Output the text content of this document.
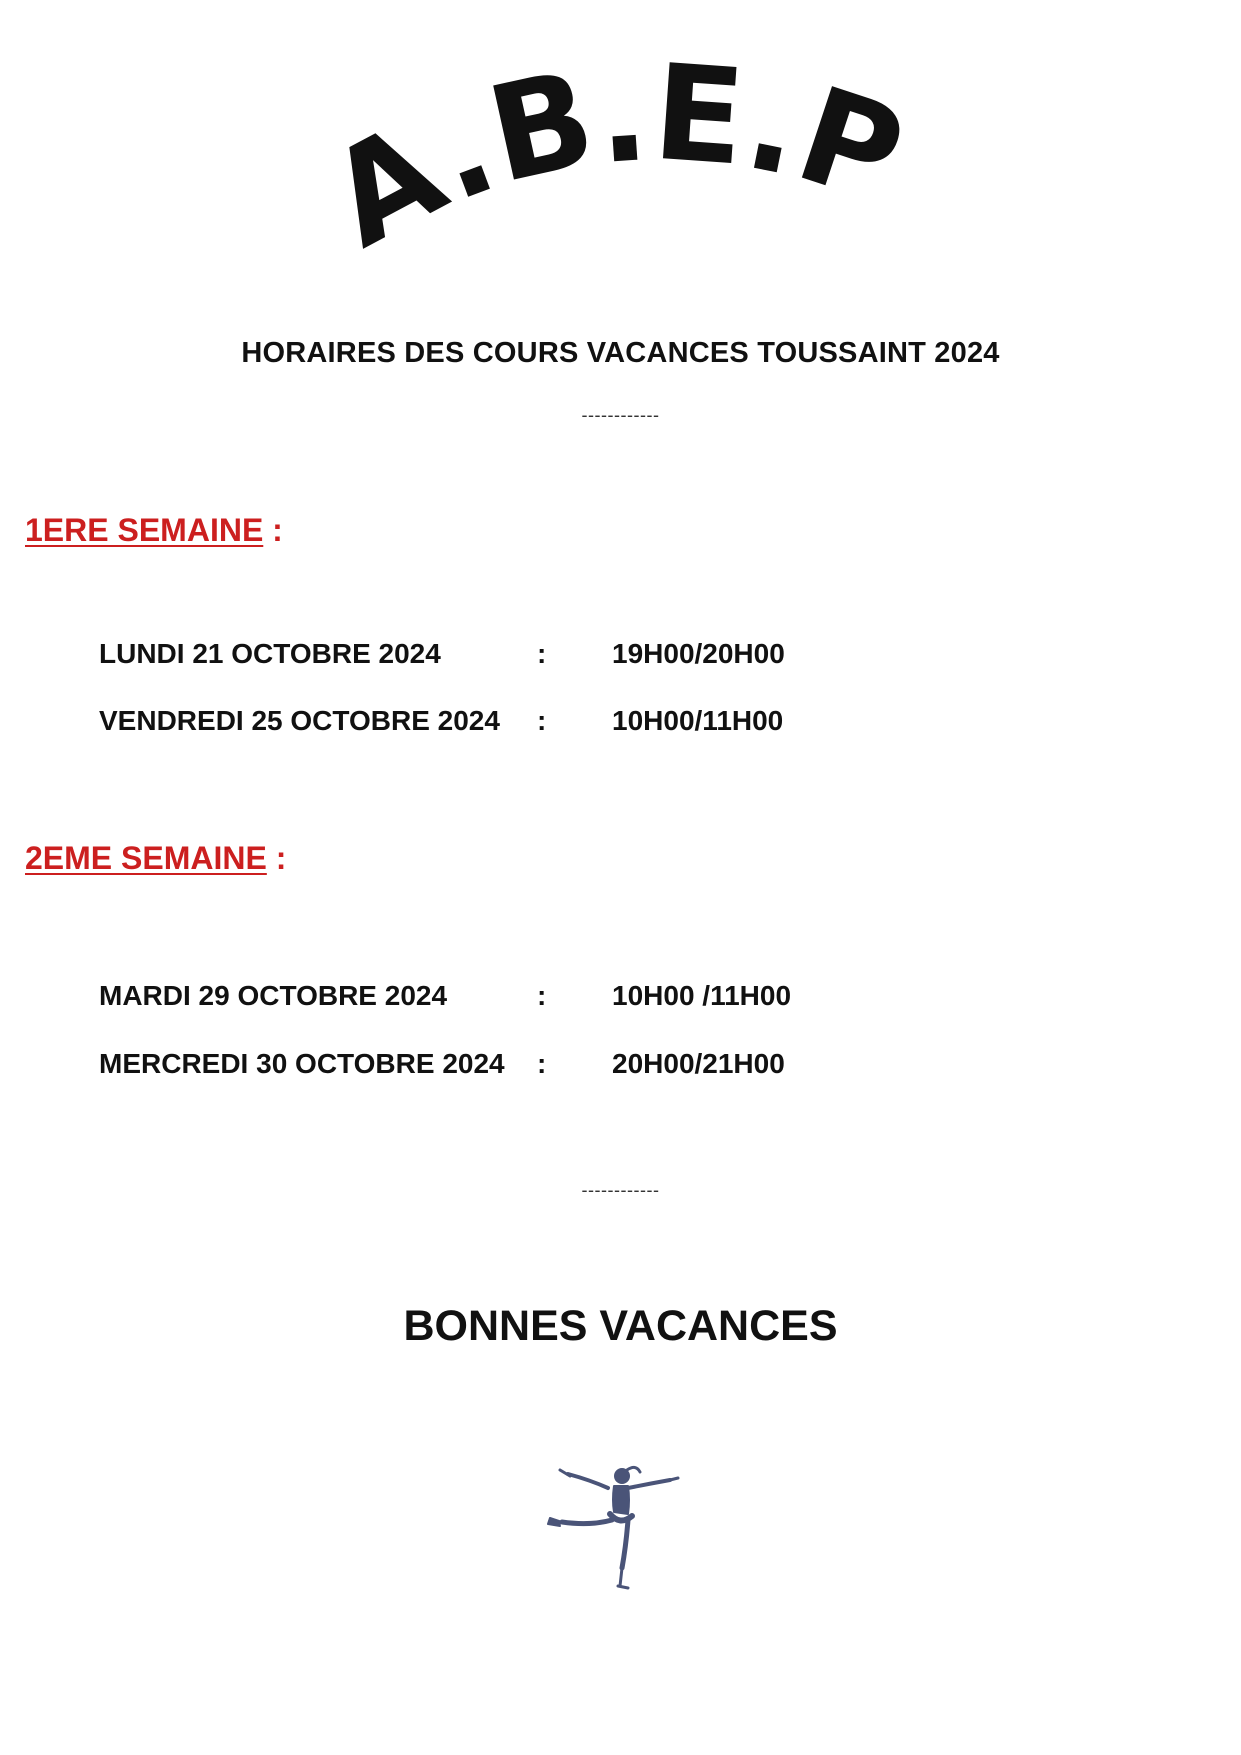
A.B.E.P
HORAIRES DES COURS VACANCES TOUSSAINT 2024
------------
1ERE SEMAINE :
LUNDI 21 OCTOBRE 2024	: 19H00/20H00
VENDREDI 25 OCTOBRE 2024 : 10H00/11H00
2EME SEMAINE :
MARDI 29 OCTOBRE 2024	: 10H00 /11H00
MERCREDI 30 OCTOBRE 2024 : 20H00/21H00
------------
BONNES VACANCES
